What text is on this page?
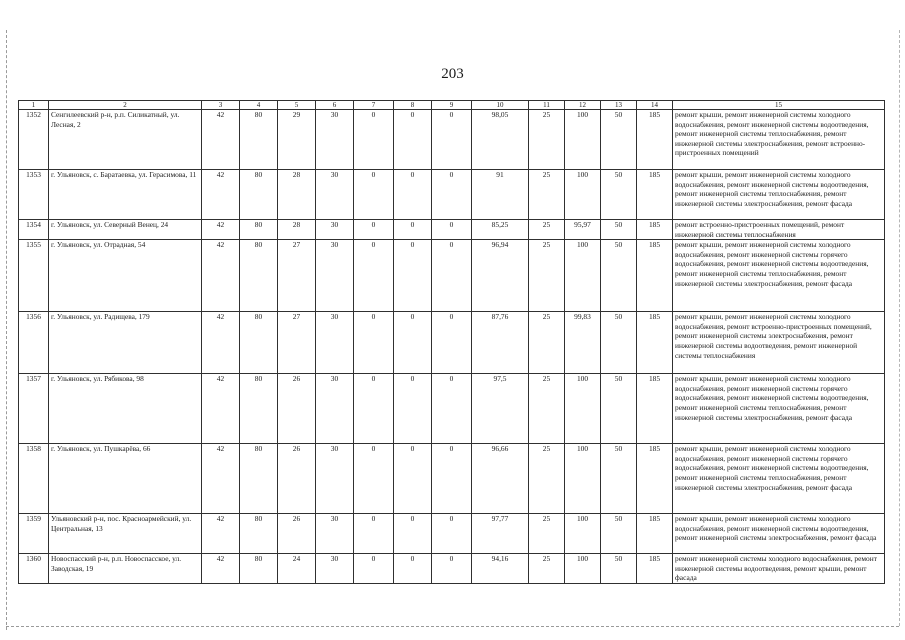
203
1	2	3	4	5	6	7	8	9	10	11	12	13	14	15
1352	Сенгилеевский р-н, р.п. Силикатный, ул. Лесная, 2	42	80	29	30	0	0	0	98,05	25	100	50	185	ремонт крыши, ремонт инженерной системы холодного водоснабжения, ремонт инженерной системы водоотведения, ремонт инженерной системы теплоснабжения, ремонт инженерной системы электроснабжения, ремонт встроенно-пристроенных помещений
1353	г. Ульяновск, с. Баратаевка, ул. Герасимова, 11	42	80	28	30	0	0	0	91	25	100	50	185	ремонт крыши, ремонт инженерной системы холодного водоснабжения, ремонт инженерной системы водоотведения, ремонт инженерной системы теплоснабжения, ремонт инженерной системы электроснабжения, ремонт фасада
1354	г. Ульяновск, ул. Северный Венец, 24	42	80	28	30	0	0	0	85,25	25	95,97	50	185	ремонт встроенно-пристроенных помещений, ремонт инженерной системы теплоснабжения
1355	г. Ульяновск, ул. Отрадная, 54	42	80	27	30	0	0	0	96,94	25	100	50	185	ремонт крыши, ремонт инженерной системы холодного водоснабжения, ремонт инженерной системы горячего водоснабжения, ремонт инженерной системы водоотведения, ремонт инженерной системы теплоснабжения, ремонт инженерной системы электроснабжения, ремонт фасада
1356	г. Ульяновск, ул. Радищева, 179	42	80	27	30	0	0	0	87,76	25	99,83	50	185	ремонт крыши, ремонт инженерной системы холодного водоснабжения, ремонт встроенно-пристроенных помещений, ремонт инженерной системы электроснабжения, ремонт инженерной системы водоотведения, ремонт инженерной системы теплоснабжения
1357	г. Ульяновск, ул. Рябикова, 98	42	80	26	30	0	0	0	97,5	25	100	50	185	ремонт крыши, ремонт инженерной системы холодного водоснабжения, ремонт инженерной системы горячего водоснабжения, ремонт инженерной системы водоотведения, ремонт инженерной системы теплоснабжения, ремонт инженерной системы электроснабжения, ремонт фасада
1358	г. Ульяновск, ул. Пушкарёва, 66	42	80	26	30	0	0	0	96,66	25	100	50	185	ремонт крыши, ремонт инженерной системы холодного водоснабжения, ремонт инженерной системы горячего водоснабжения, ремонт инженерной системы водоотведения, ремонт инженерной системы теплоснабжения, ремонт инженерной системы электроснабжения, ремонт фасада
1359	Ульяновский р-н, пос. Красноармейский, ул. Центральная, 13	42	80	26	30	0	0	0	97,77	25	100	50	185	ремонт крыши, ремонт инженерной системы холодного водоснабжения, ремонт инженерной системы водоотведения, ремонт инженерной системы электроснабжения, ремонт фасада
1360	Новоспасский р-н, р.п. Новоспасское, ул. Заводская, 19	42	80	24	30	0	0	0	94,16	25	100	50	185	ремонт инженерной системы холодного водоснабжения, ремонт инженерной системы водоотведения, ремонт крыши, ремонт фасада
